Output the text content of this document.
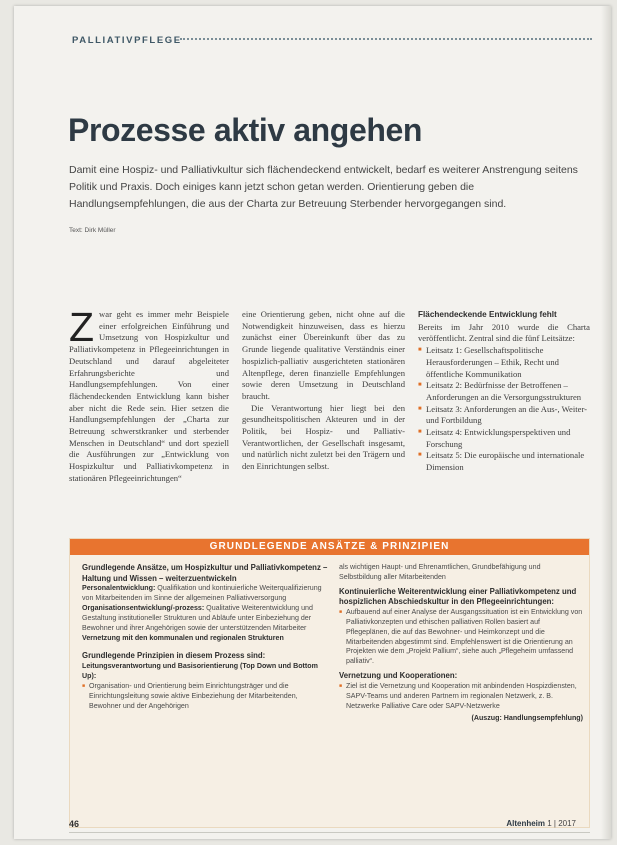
PALLIATIVPFLEGE
Prozesse aktiv angehen

Damit eine Hospiz- und Palliativkultur sich flächendeckend entwickelt, bedarf es weiterer Anstrengung seitens Politik und Praxis. Doch einiges kann jetzt schon getan werden. Orientierung geben die Handlungsempfehlungen, die aus der Charta zur Betreuung Sterbender hervorgegangen sind.

Text: Dirk Müller

Z war geht es immer mehr Beispiele einer erfolgreichen Einführung und Umsetzung von Hospizkultur und Palliativkompetenz in Pflegeeinrichtungen in Deutschland und darauf abgeleiteter Erfahrungsberichte und Handlungsempfehlungen. Von einer flächendeckenden Entwicklung kann bisher aber nicht die Rede sein. Hier setzen die Handlungsempfehlungen der „Charta zur Betreuung schwerstkranker und sterbender Menschen in Deutschland“ und dort speziell die Ausführungen zur „Entwicklung von Hospizkultur und Palliativkompetenz in stationären Pflegeeinrichtungen“

eine Orientierung geben, nicht ohne auf die Notwendigkeit hinzuweisen, dass es hierzu zunächst einer Übereinkunft über das zu Grunde liegende qualitative Verständnis einer hospizlich-palliativ ausgerichteten stationären Altenpflege, deren finanzielle Empfehlungen sowie deren Umsetzung in Deutschland braucht.

Die Verantwortung hier liegt bei den gesundheitspolitischen Akteuren und in der Politik, bei Hospiz- und Palliativ-Verantwortlichen, der Gesellschaft insgesamt, und natürlich nicht zuletzt bei den Trägern und den Einrichtungen selbst.

Flächendeckende Entwicklung fehlt

Bereits im Jahr 2010 wurde die Charta veröffentlicht. Zentral sind die fünf Leitsätze:

■ Leitsatz 1: Gesellschaftspolitische Herausforderungen – Ethik, Recht und öffentliche Kommunikation
■ Leitsatz 2: Bedürfnisse der Betroffenen – Anforderungen an die Versorgungsstrukturen
■ Leitsatz 3: Anforderungen an die Aus-, Weiter- und Fortbildung
■ Leitsatz 4: Entwicklungsperspektiven und Forschung
■ Leitsatz 5: Die europäische und internationale Dimension
GRUNDLEGENDE ANSÄTZE & PRINZIPIEN
Grundlegende Ansätze, um Hospizkultur und Palliativkompetenz – Haltung und Wissen – weiterzuentwickeln
Personalentwicklung: Qualifikation und kontinuierliche Weiterqualifizierung von Mitarbeitenden im Sinne der allgemeinen Palliativversorgung
Organisationsentwicklung/-prozess: Qualitative Weiterentwicklung und Gestaltung institutioneller Strukturen und Abläufe unter Einbeziehung der Bewohner und ihrer Angehörigen sowie der unterstützenden Mitarbeiter
Vernetzung mit den kommunalen und regionalen Strukturen
Grundlegende Prinzipien in diesem Prozess sind:
Leitungsverantwortung und Basisorientierung (Top Down und Bottom Up):
■ Organisation- und Orientierung beim Einrichtungsträger und die Einrichtungsleitung sowie aktive Einbeziehung der Mitarbeitenden, Bewohner und der Angehörigen
als wichtigen Haupt- und Ehrenamtlichen, Grundbefähigung und Selbstbildung aller Mitarbeitenden
Kontinuierliche Weiterentwicklung einer Palliativkompetenz und hospizlichen Abschiedskultur in den Pflegeeinrichtungen:
■ Aufbauend auf einer Analyse der Ausgangssituation ist ein Entwicklung von Palliativkonzepten und ethischen palliativen Rollen basiert auf Pflegeplänen, die auf das Bewohner- und Heimkonzept und die Mitarbeitenden abgestimmt sind. Empfehlenswert ist die Orientierung an Projekten wie dem „Projekt Pallium“, siehe auch „Pflegeheim umfassend palliativ“.
Vernetzung und Kooperationen:
■ Ziel ist die Vernetzung und Kooperation mit anbindenden Hospizdiensten, SAPV-Teams und anderen Partnern im regionalen Netzwerk, z. B. Netzwerke Palliative Care oder SAPV-Netzwerke
(Auszug: Handlungsempfehlung)
46	Altenheim 1 | 2017
